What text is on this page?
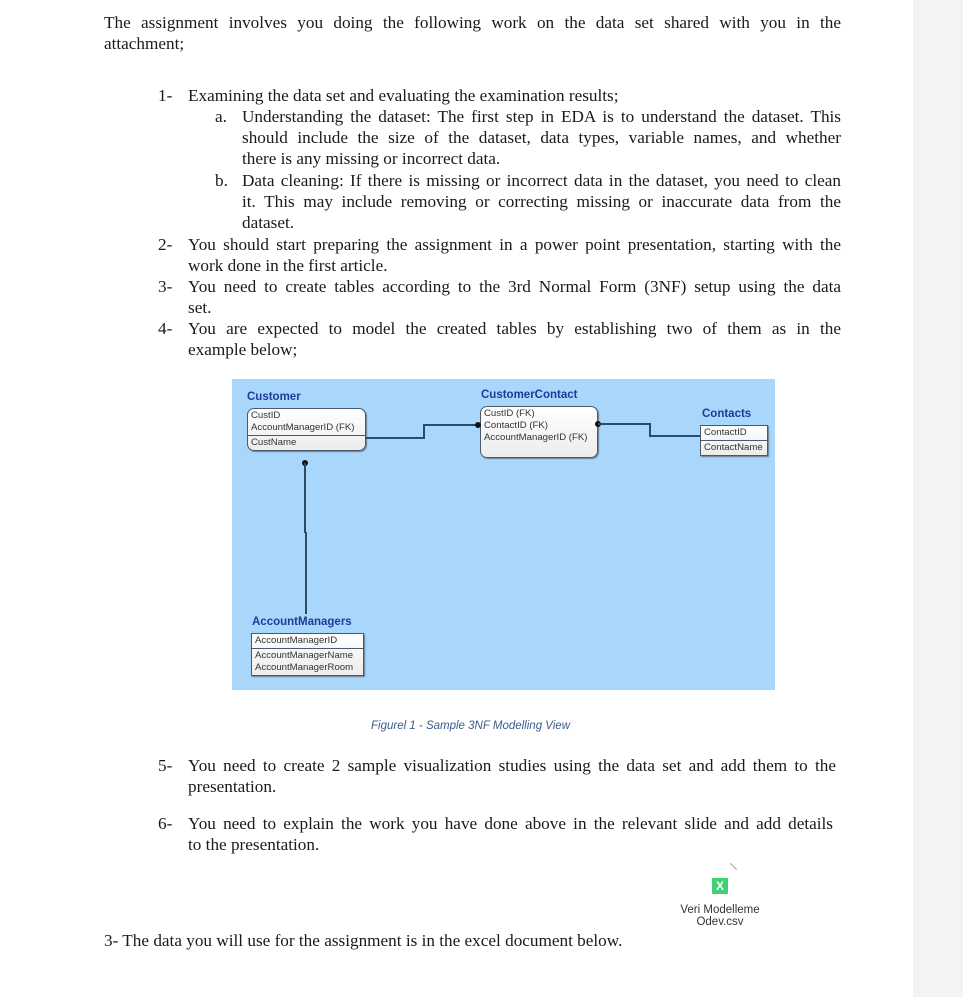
The assignment involves you doing the following work on the data set shared with you in the
attachment;
1- Examining the data set and evaluating the examination results;
a. Understanding the dataset: The first step in EDA is to understand the dataset. This
should include the size of the dataset, data types, variable names, and whether
there is any missing or incorrect data.
b. Data cleaning: If there is missing or incorrect data in the dataset, you need to clean
it. This may include removing or correcting missing or inaccurate data from the
dataset.
2- You should start preparing the assignment in a power point presentation, starting with the
work done in the first article.
3- You need to create tables according to the 3rd Normal Form (3NF) setup using the data
set.
4- You are expected to model the created tables by establishing two of them as in the
example below;
Customer
CustID
AccountManagerID (FK)
CustName
CustomerContact
CustID (FK)
ContactID (FK)
AccountManagerID (FK)
Contacts
ContactID
ContactName
AccountManagers
AccountManagerID
AccountManagerName
AccountManagerRoom
Figurel 1 - Sample 3NF Modelling View
5- You need to create 2 sample visualization studies using the data set and add them to the
presentation.
6- You need to explain the work you have done above in the relevant slide and add details
to the presentation.
3- The data you will use for the assignment is in the excel document below.
X
Veri Modelleme
Odev.csv
